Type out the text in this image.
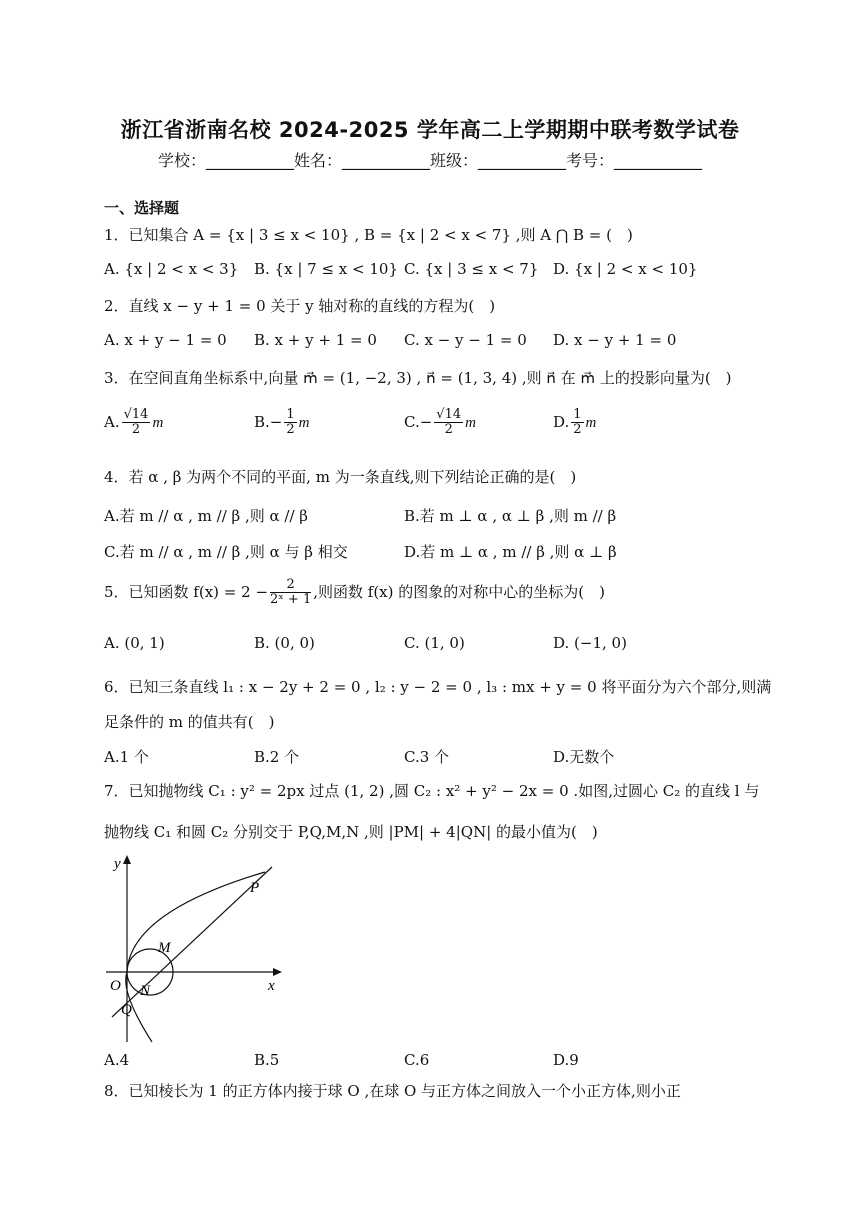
浙江省浙南名校 2024-2025 学年高二上学期期中联考数学试卷
学校：___________姓名：___________班级：___________考号：___________
一、选择题
1．已知集合 A = {x | 3 ≤ x < 10} , B = {x | 2 < x < 7} ,则 A ⋂ B = (　)
A. {x | 2 < x < 3} B. {x | 7 ≤ x < 10} C. {x | 3 ≤ x < 7} D. {x | 2 < x < 10}
2．直线 x − y + 1 = 0 关于 y 轴对称的直线的方程为(　)
A. x + y − 1 = 0 B. x + y + 1 = 0 C. x − y − 1 = 0 D. x − y + 1 = 0
3．在空间直角坐标系中,向量 m⃗ = (1, −2, 3) , n⃗ = (1, 3, 4) ,则 n⃗ 在 m⃗ 上的投影向量为(　)
A. $\frac{√14}{2}$ m⃗	$B.- \frac{1}{2}$ m⃗	$C.- \frac{√14}{2}$ m⃗	D. $\frac{1}{2}$ m⃗
4．若 α , β 为两个不同的平面, m 为一条直线,则下列结论正确的是(　)
A.若 m // α , m // β ,则 α // β	B.若 m ⊥ α , α ⊥ β ,则 m // β
C.若 m // α , m // β ,则 α 与 β 相交	D.若 m ⊥ α , m // β ,则 α ⊥ β
5．已知函数 $f(x) = 2 - \frac{2}{\text{2ˣ + 1}}$ ,则函数 f(x) 的图象的对称中心的坐标为(　)
A. (0, 1)	B. (0, 0)	C. (1, 0)	D. (−1, 0)
6．已知三条直线 l₁ : x − 2y + 2 = 0 , l₂ : y − 2 = 0 , l₃ : mx + y = 0 将平面分为六个部分,则满
足条件的 m 的值共有(　)
A.1 个	B.2 个	C.3 个	D.无数个
7．已知抛物线 C₁ : y² = 2px 过点 (1, 2) ,圆 C₂ : x² + y² − 2x = 0 .如图,过圆心 C₂ 的直线 l 与
抛物线 C₁ 和圆 C₂ 分别交于 P,Q,M,N ,则 |PM| + 4|QN| 的最小值为(　)
y
x
O
P
M
N
Q
A.4	B.5	C.6	D.9
8．已知棱长为 1 的正方体内接于球 O ,在球 O 与正方体之间放入一个小正方体,则小正
